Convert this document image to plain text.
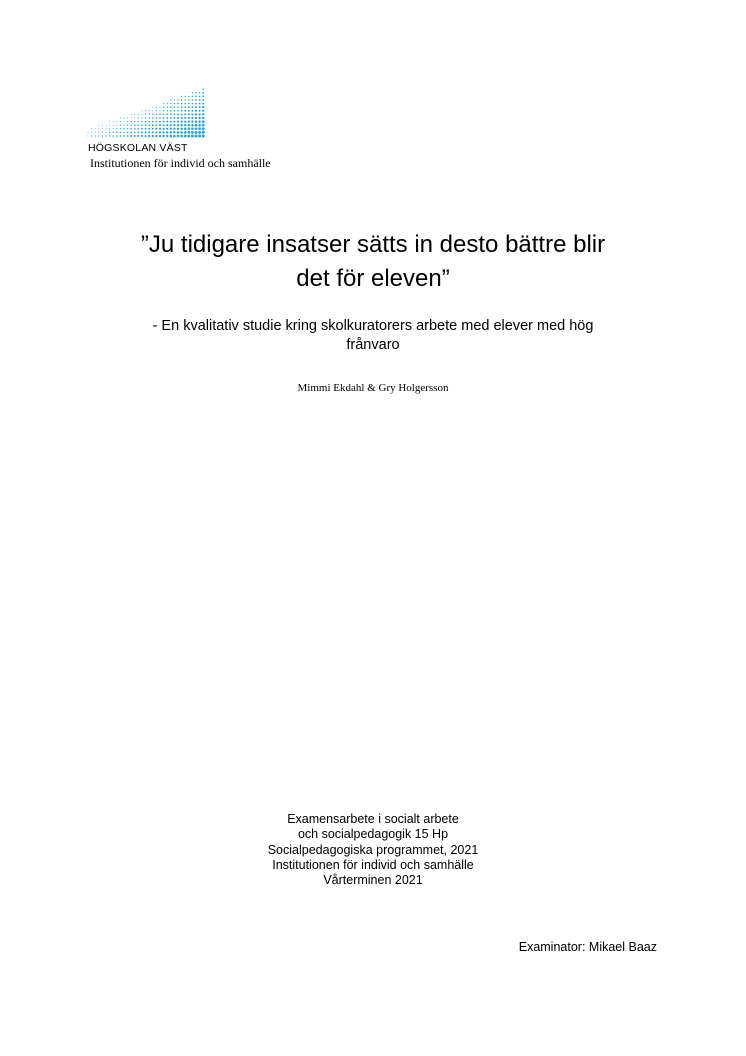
HÖGSKOLAN VÄST
Institutionen för individ och samhälle
”Ju tidigare insatser sätts in desto bättre blir
det för eleven”
- En kvalitativ studie kring skolkuratorers arbete med elever med hög
frånvaro
Mimmi Ekdahl & Gry Holgersson
Examensarbete i socialt arbete
och socialpedagogik 15 Hp
Socialpedagogiska programmet, 2021
Institutionen för individ och samhälle
Vårterminen 2021
Examinator: Mikael Baaz
